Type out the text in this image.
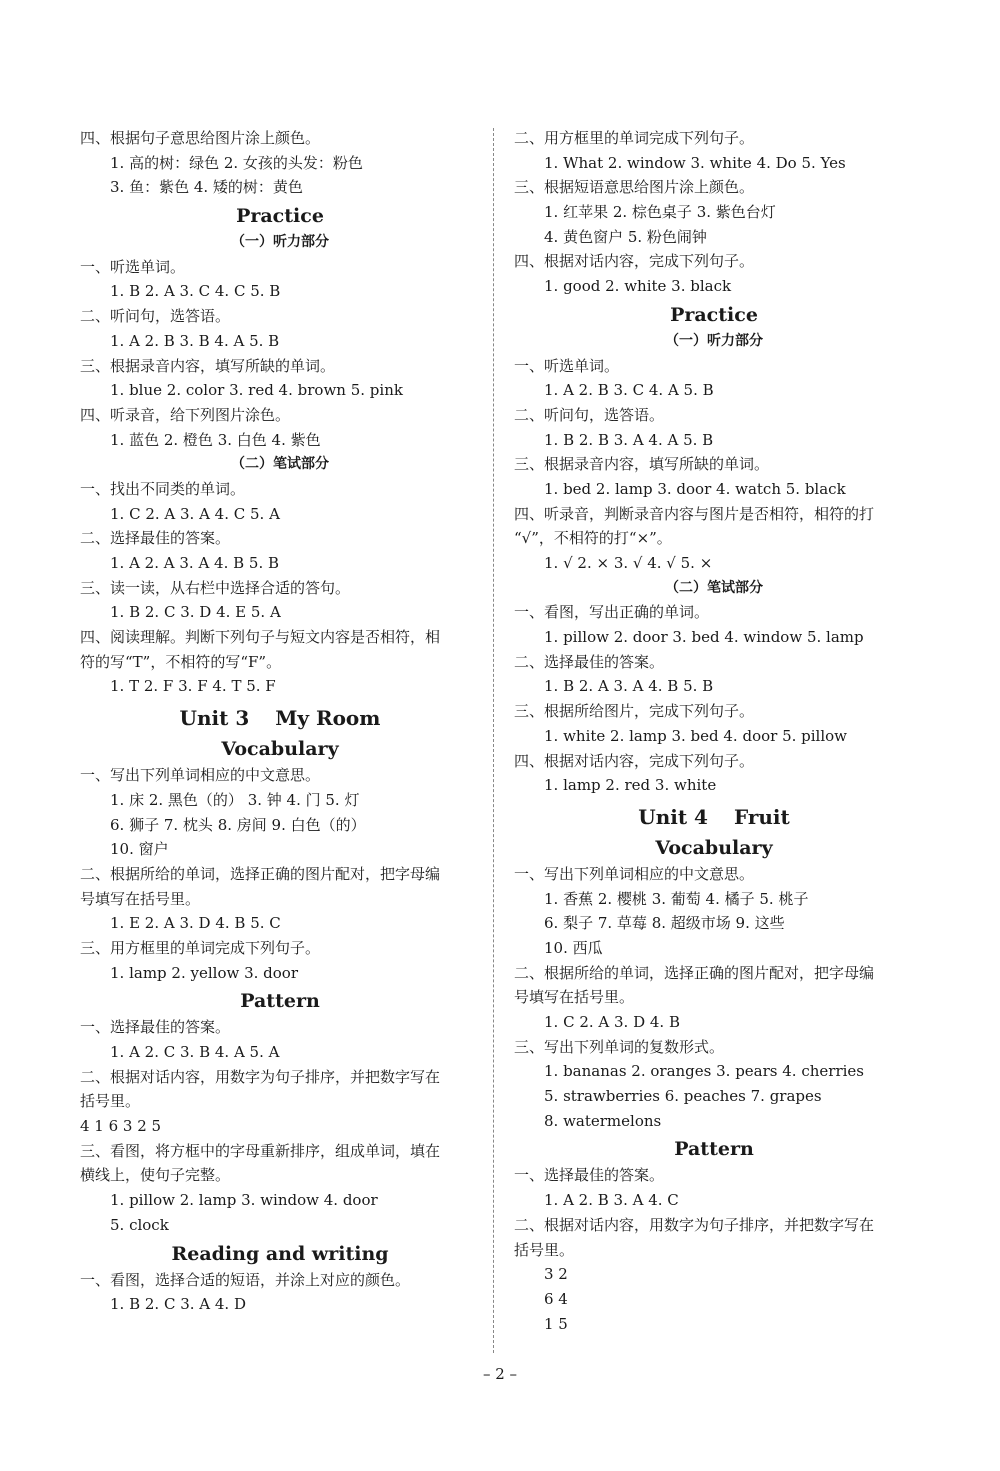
四、根据句子意思给图片涂上颜色。
1. 高的树：绿色 2. 女孩的头发：粉色
3. 鱼：紫色 4. 矮的树：黄色
Practice
（一）听力部分
一、听选单词。
1. B 2. A 3. C 4. C 5. B
二、听问句，选答语。
1. A 2. B 3. B 4. A 5. B
三、根据录音内容，填写所缺的单词。
1. blue 2. color 3. red 4. brown 5. pink
四、听录音，给下列图片涂色。
1. 蓝色 2. 橙色 3. 白色 4. 紫色
（二）笔试部分
一、找出不同类的单词。
1. C 2. A 3. A 4. C 5. A
二、选择最佳的答案。
1. A 2. A 3. A 4. B 5. B
三、读一读，从右栏中选择合适的答句。
1. B 2. C 3. D 4. E 5. A
四、阅读理解。判断下列句子与短文内容是否相符，相
符的写“T”，不相符的写“F”。
1. T 2. F 3. F 4. T 5. F
Unit 3 My Room
Vocabulary
一、写出下列单词相应的中文意思。
1. 床 2. 黑色（的） 3. 钟 4. 门 5. 灯
6. 狮子 7. 枕头 8. 房间 9. 白色（的）
10. 窗户
二、根据所给的单词，选择正确的图片配对，把字母编
号填写在括号里。
1. E 2. A 3. D 4. B 5. C
三、用方框里的单词完成下列句子。
1. lamp 2. yellow 3. door
Pattern
一、选择最佳的答案。
1. A 2. C 3. B 4. A 5. A
二、根据对话内容，用数字为句子排序，并把数字写在
括号里。
4 1 6 3 2 5
三、看图，将方框中的字母重新排序，组成单词，填在
横线上，使句子完整。
1. pillow 2. lamp 3. window 4. door
5. clock
Reading and writing
一、看图，选择合适的短语，并涂上对应的颜色。
1. B 2. C 3. A 4. D
二、用方框里的单词完成下列句子。
1. What 2. window 3. white 4. Do 5. Yes
三、根据短语意思给图片涂上颜色。
1. 红苹果 2. 棕色桌子 3. 紫色台灯
4. 黄色窗户 5. 粉色闹钟
四、根据对话内容，完成下列句子。
1. good 2. white 3. black
Practice
（一）听力部分
一、听选单词。
1. A 2. B 3. C 4. A 5. B
二、听问句，选答语。
1. B 2. B 3. A 4. A 5. B
三、根据录音内容，填写所缺的单词。
1. bed 2. lamp 3. door 4. watch 5. black
四、听录音，判断录音内容与图片是否相符，相符的打
“√”，不相符的打“×”。
1. √ 2. × 3. √ 4. √ 5. ×
（二）笔试部分
一、看图，写出正确的单词。
1. pillow 2. door 3. bed 4. window 5. lamp
二、选择最佳的答案。
1. B 2. A 3. A 4. B 5. B
三、根据所给图片，完成下列句子。
1. white 2. lamp 3. bed 4. door 5. pillow
四、根据对话内容，完成下列句子。
1. lamp 2. red 3. white
Unit 4 Fruit
Vocabulary
一、写出下列单词相应的中文意思。
1. 香蕉 2. 樱桃 3. 葡萄 4. 橘子 5. 桃子
6. 梨子 7. 草莓 8. 超级市场 9. 这些
10. 西瓜
二、根据所给的单词，选择正确的图片配对，把字母编
号填写在括号里。
1. C 2. A 3. D 4. B
三、写出下列单词的复数形式。
1. bananas 2. oranges 3. pears 4. cherries
5. strawberries 6. peaches 7. grapes
8. watermelons
Pattern
一、选择最佳的答案。
1. A 2. B 3. A 4. C
二、根据对话内容，用数字为句子排序，并把数字写在
括号里。
3 2
6 4
1 5
– 2 –
